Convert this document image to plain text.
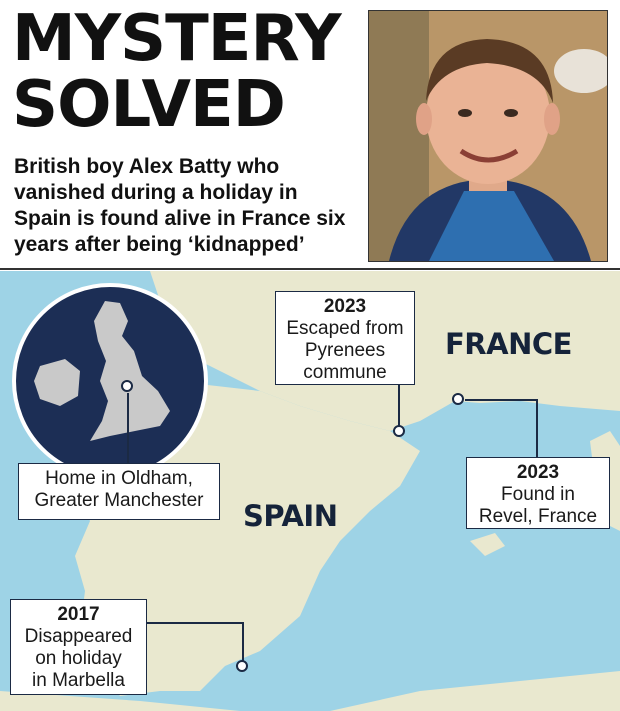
MYSTERY
SOLVED

British boy Alex Batty who vanished during a holiday in Spain is found alive in France six years after being ‘kidnapped’

FRANCE
SPAIN
Home in Oldham,
Greater Manchester
2023
Escaped from
Pyrenees
commune
2023
Found in
Revel, France
2017
Disappeared
on holiday
in Marbella
